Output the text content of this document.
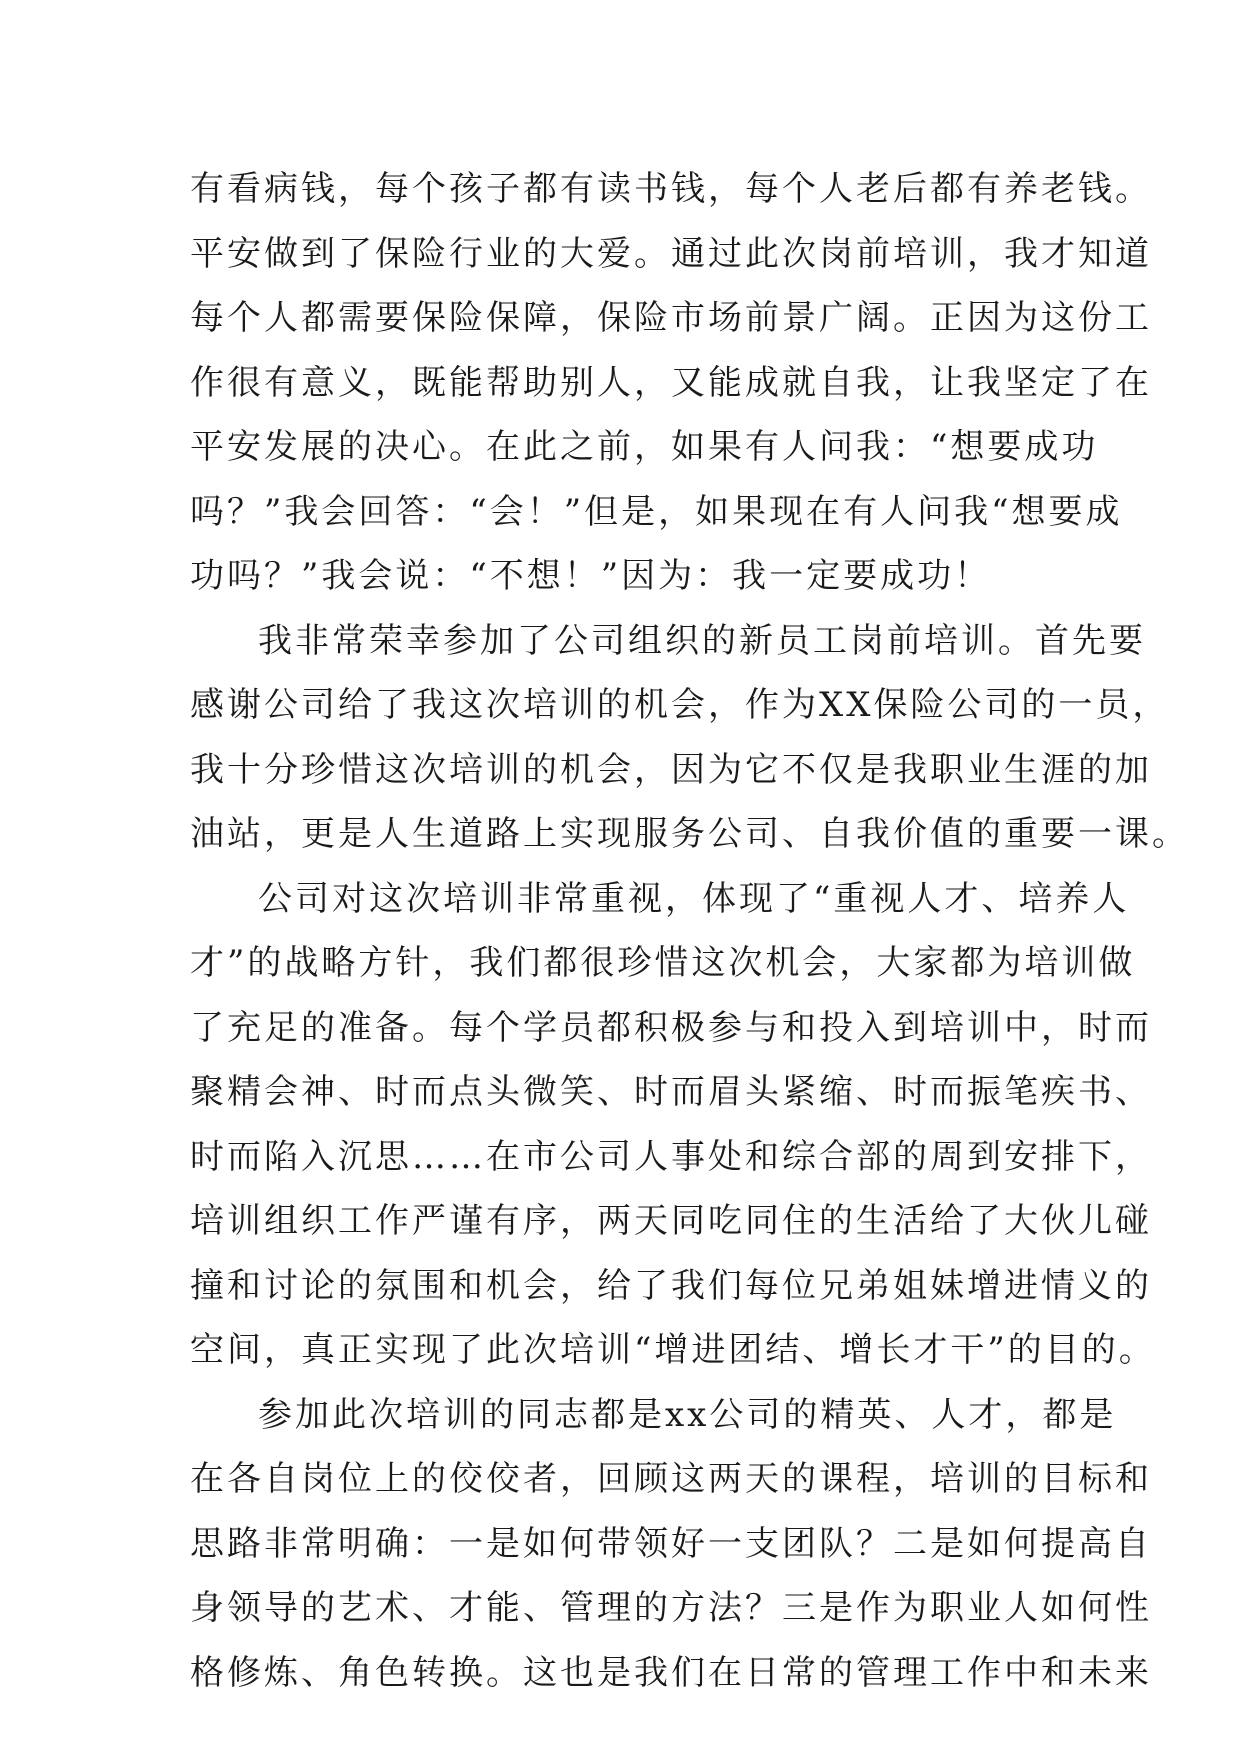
有看病钱，每个孩子都有读书钱，每个人老后都有养老钱。
平安做到了保险行业的大爱。通过此次岗前培训，我才知道
每个人都需要保险保障，保险市场前景广阔。正因为这份工
作很有意义，既能帮助别人，又能成就自我，让我坚定了在
平安发展的决心。在此之前，如果有人问我：“想要成功
吗？”我会回答：“会！”但是，如果现在有人问我“想要成
功吗？”我会说：“不想！”因为：我一定要成功！
我非常荣幸参加了公司组织的新员工岗前培训。首先要
感谢公司给了我这次培训的机会，作为XX保险公司的一员，
我十分珍惜这次培训的机会，因为它不仅是我职业生涯的加
油站，更是人生道路上实现服务公司、自我价值的重要一课。
公司对这次培训非常重视，体现了“重视人才、培养人
才”的战略方针，我们都很珍惜这次机会，大家都为培训做
了充足的准备。每个学员都积极参与和投入到培训中，时而
聚精会神、时而点头微笑、时而眉头紧缩、时而振笔疾书、
时而陷入沉思……在市公司人事处和综合部的周到安排下，
培训组织工作严谨有序，两天同吃同住的生活给了大伙儿碰
撞和讨论的氛围和机会，给了我们每位兄弟姐妹增进情义的
空间，真正实现了此次培训“增进团结、增长才干”的目的。
参加此次培训的同志都是xx公司的精英、人才，都是
在各自岗位上的佼佼者，回顾这两天的课程，培训的目标和
思路非常明确：一是如何带领好一支团队？二是如何提高自
身领导的艺术、才能、管理的方法？三是作为职业人如何性
格修炼、角色转换。这也是我们在日常的管理工作中和未来
